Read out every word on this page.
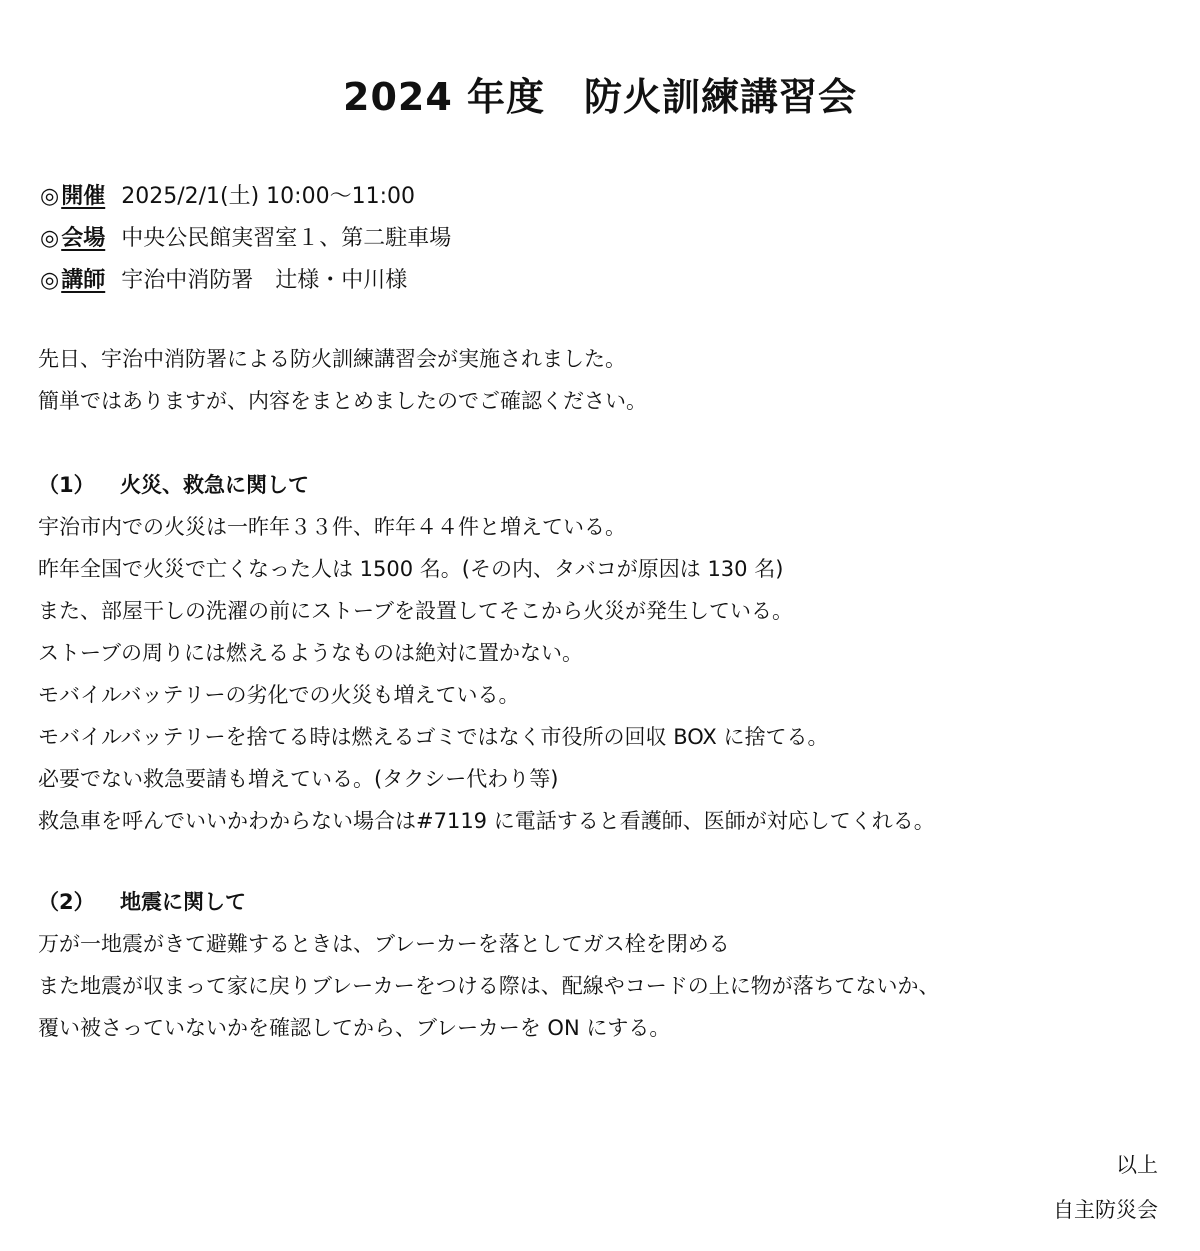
2024 年度　防火訓練講習会
◎開催 2025/2/1(土) 10:00～11:00
◎会場 中央公民館実習室１、第二駐車場
◎講師 宇治中消防署　辻様・中川様
先日、宇治中消防署による防火訓練講習会が実施されました。
簡単ではありますが、内容をまとめましたのでご確認ください。
（1） 火災、救急に関して
宇治市内での火災は一昨年３３件、昨年４４件と増えている。
昨年全国で火災で亡くなった人は 1500 名。(その内、タバコが原因は 130 名)
また、部屋干しの洗濯の前にストーブを設置してそこから火災が発生している。
ストーブの周りには燃えるようなものは絶対に置かない。
モバイルバッテリーの劣化での火災も増えている。
モバイルバッテリーを捨てる時は燃えるゴミではなく市役所の回収 BOX に捨てる。
必要でない救急要請も増えている。(タクシー代わり等)
救急車を呼んでいいかわからない場合は#7119 に電話すると看護師、医師が対応してくれる。
（2） 地震に関して
万が一地震がきて避難するときは、ブレーカーを落としてガス栓を閉める
また地震が収まって家に戻りブレーカーをつける際は、配線やコードの上に物が落ちてないか、
覆い被さっていないかを確認してから、ブレーカーを ON にする。
以上
自主防災会
